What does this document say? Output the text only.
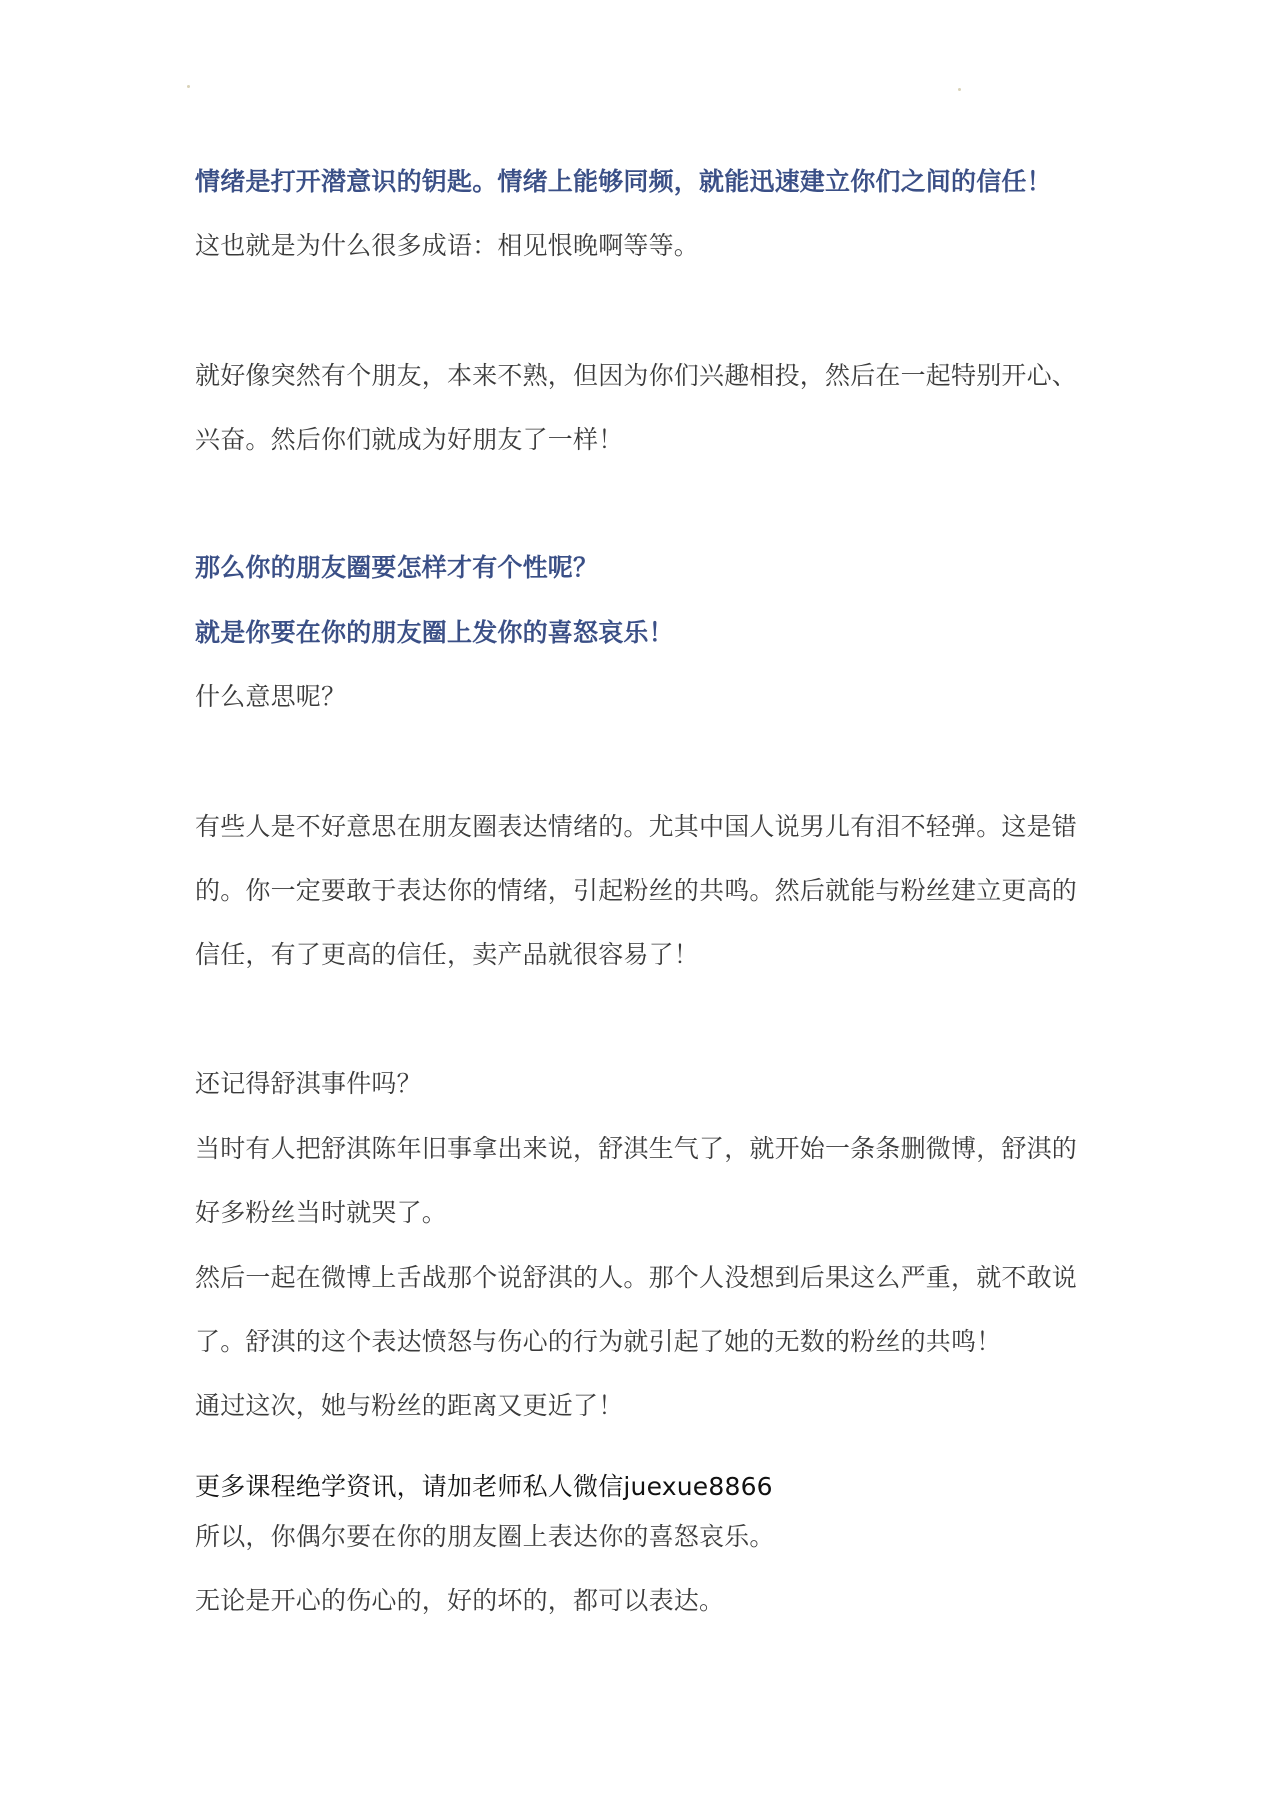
情绪是打开潜意识的钥匙。情绪上能够同频，就能迅速建立你们之间的信任！
这也就是为什么很多成语：相见恨晚啊等等。
就好像突然有个朋友，本来不熟，但因为你们兴趣相投，然后在一起特别开心、
兴奋。然后你们就成为好朋友了一样！
那么你的朋友圈要怎样才有个性呢？
就是你要在你的朋友圈上发你的喜怒哀乐！
什么意思呢？
有些人是不好意思在朋友圈表达情绪的。尤其中国人说男儿有泪不轻弹。这是错
的。你一定要敢于表达你的情绪，引起粉丝的共鸣。然后就能与粉丝建立更高的
信任，有了更高的信任，卖产品就很容易了！
还记得舒淇事件吗？
当时有人把舒淇陈年旧事拿出来说，舒淇生气了，就开始一条条删微博，舒淇的
好多粉丝当时就哭了。
然后一起在微博上舌战那个说舒淇的人。那个人没想到后果这么严重，就不敢说
了。舒淇的这个表达愤怒与伤心的行为就引起了她的无数的粉丝的共鸣！
通过这次，她与粉丝的距离又更近了！
更多课程绝学资讯，请加老师私人微信juexue8866
所以，你偶尔要在你的朋友圈上表达你的喜怒哀乐。
无论是开心的伤心的，好的坏的，都可以表达。
